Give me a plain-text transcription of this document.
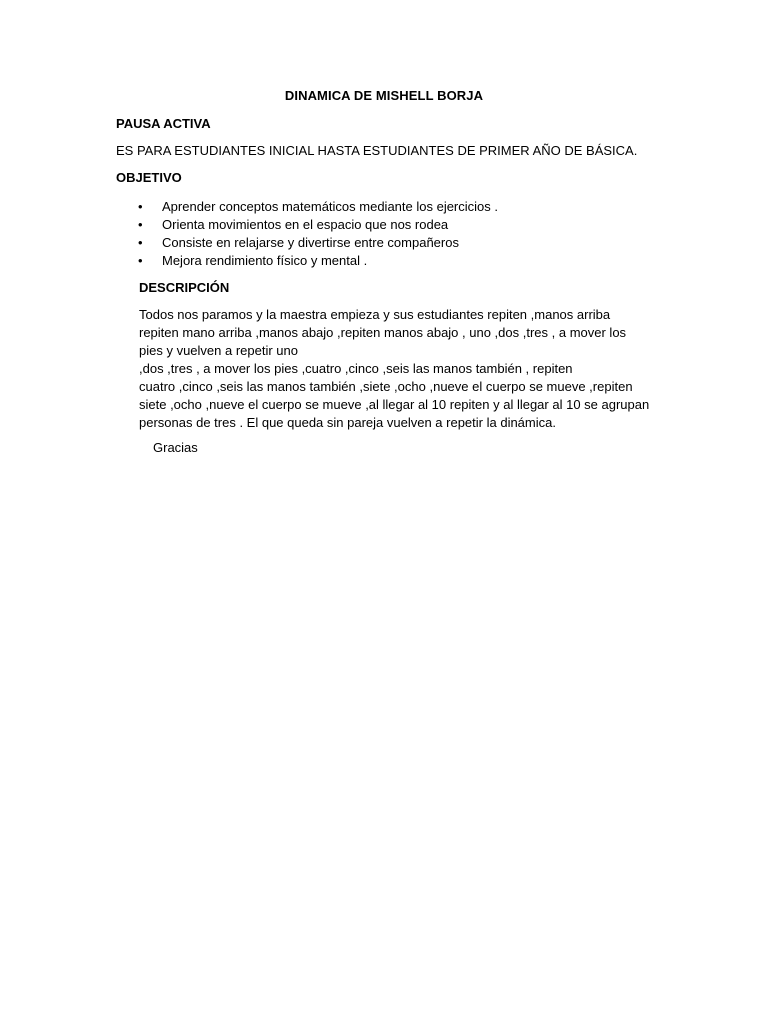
DINAMICA DE MISHELL BORJA
PAUSA ACTIVA
ES PARA ESTUDIANTES INICIAL HASTA ESTUDIANTES DE PRIMER AÑO DE BÁSICA.
OBJETIVO
• Aprender conceptos matemáticos mediante los ejercicios .
• Orienta movimientos en el espacio que nos rodea
• Consiste en relajarse y divertirse entre compañeros
• Mejora rendimiento físico y mental .
DESCRIPCIÓN
Todos nos paramos y la maestra empieza y sus estudiantes repiten ,manos arriba
repiten mano arriba ,manos abajo ,repiten manos abajo , uno ,dos ,tres , a mover los
pies y vuelven a repetir uno
,dos ,tres , a mover los pies ,cuatro ,cinco ,seis las manos también , repiten
cuatro ,cinco ,seis las manos también ,siete ,ocho ,nueve el cuerpo se mueve ,repiten
siete ,ocho ,nueve el cuerpo se mueve ,al llegar al 10 repiten y al llegar al 10 se agrupan
personas de tres . El que queda sin pareja vuelven a repetir la dinámica.
Gracias
